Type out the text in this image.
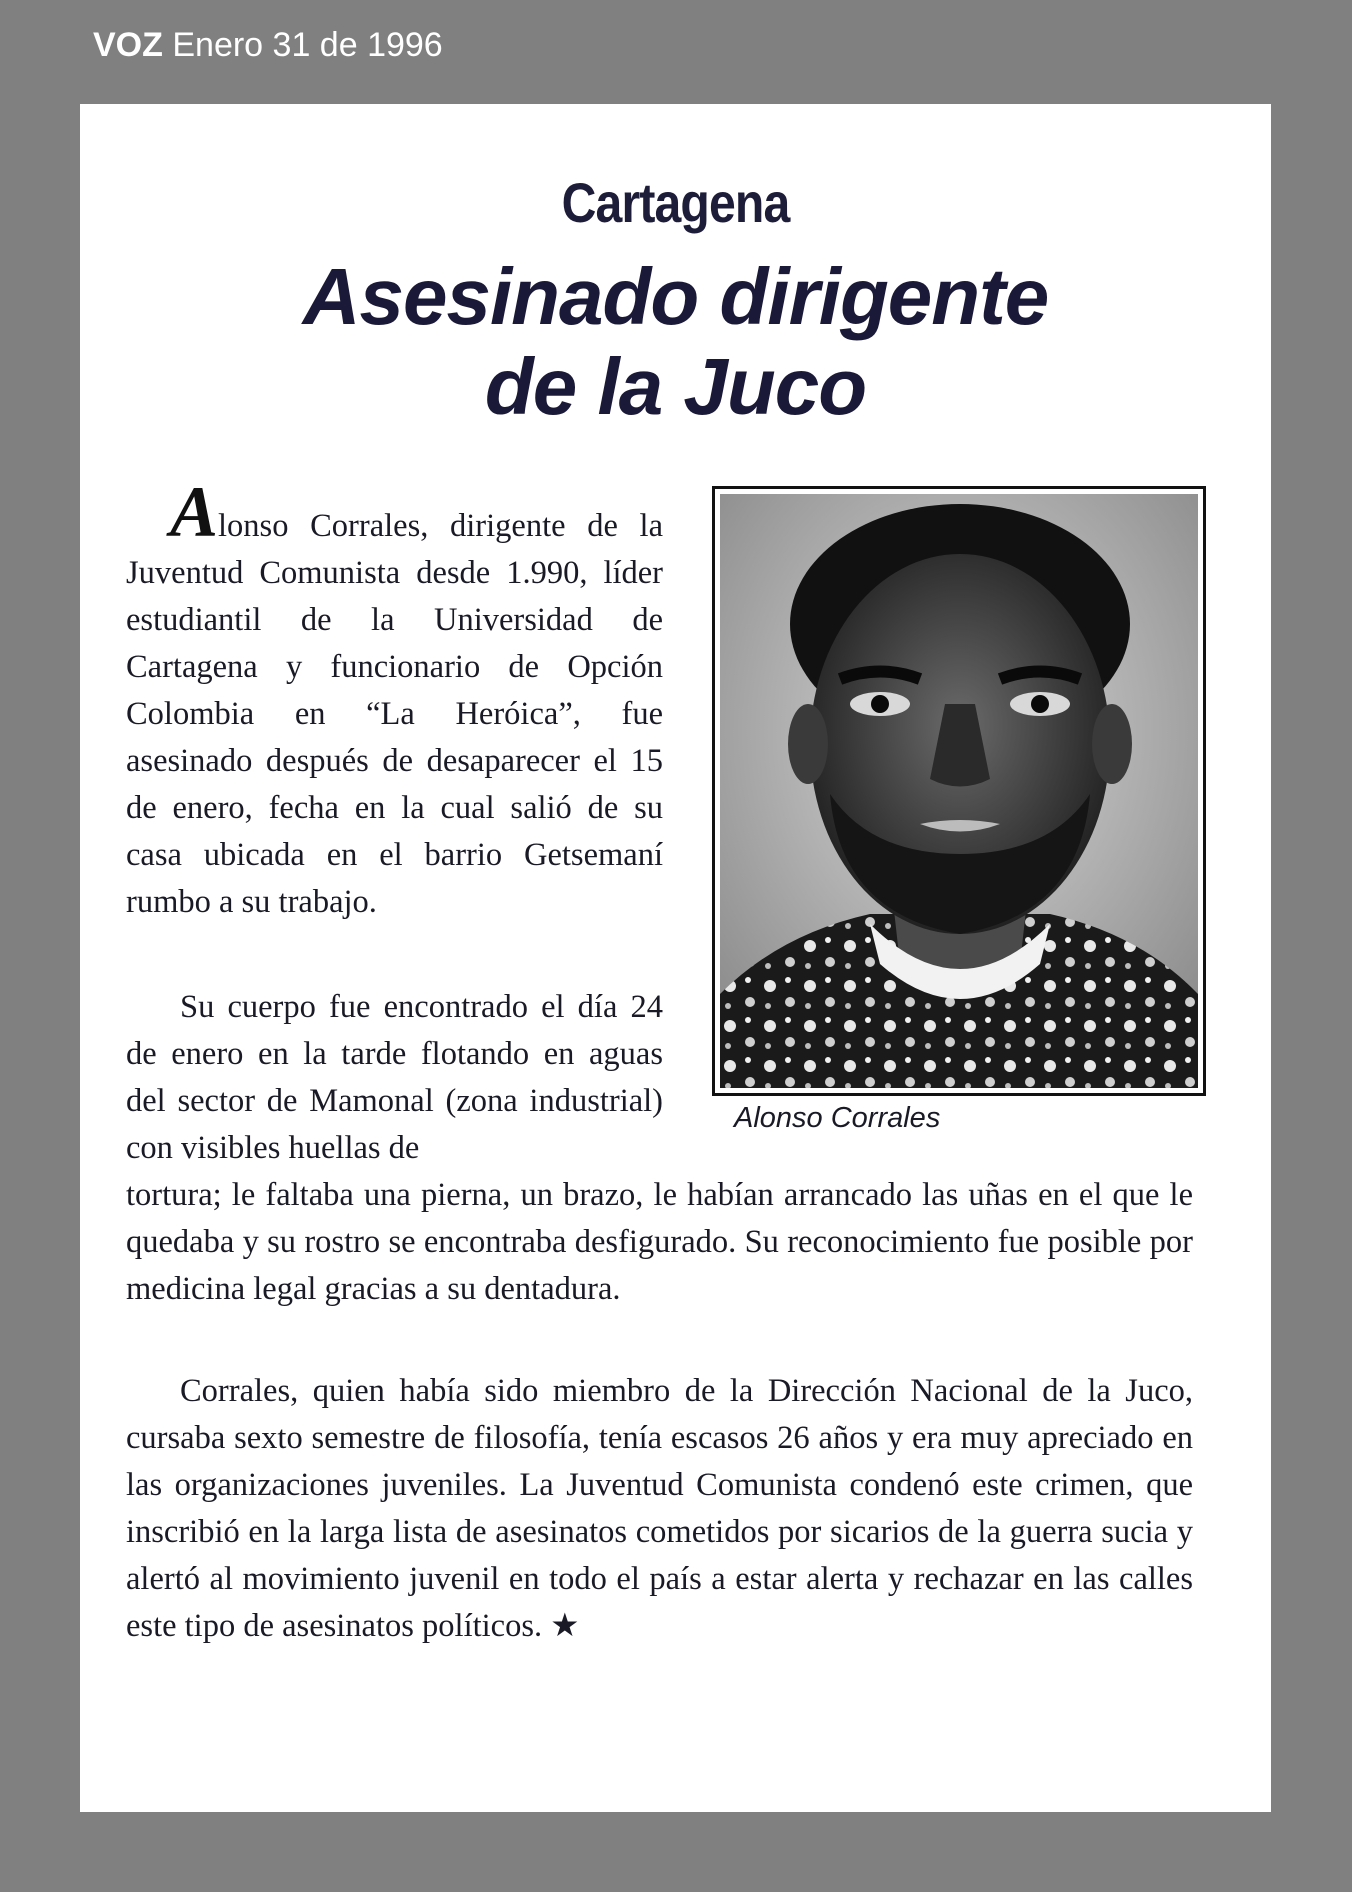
VOZ Enero 31 de 1996
Cartagena
Asesinado dirigente
de la Juco

Alonso Corrales, dirigente de la Juventud Comunista desde 1.990, líder estudiantil de la Universidad de Cartagena y funcionario de Opción Colombia en “La Heróica”, fue asesinado después de desaparecer el 15 de enero, fecha en la cual salió de su casa ubicada en el barrio Getsemaní rumbo a su trabajo.

Su cuerpo fue encontrado el día 24 de enero en la tarde flotando en aguas del sector de Mamonal (zona industrial) con visibles huellas de

tortura; le faltaba una pierna, un brazo, le habían arrancado las uñas en el que le quedaba y su rostro se encontraba desfigurado. Su reconocimiento fue posible por medicina legal gracias a su dentadura.

Corrales, quien había sido miembro de la Dirección Nacional de la Juco, cursaba sexto semestre de filosofía, tenía escasos 26 años y era muy apreciado en las organizaciones juveniles. La Juventud Comunista condenó este crimen, que inscribió en la larga lista de asesinatos cometidos por sicarios de la guerra sucia y alertó al movimiento juvenil en todo el país a estar alerta y rechazar en las calles este tipo de asesinatos políticos. ★

Alonso Corrales
